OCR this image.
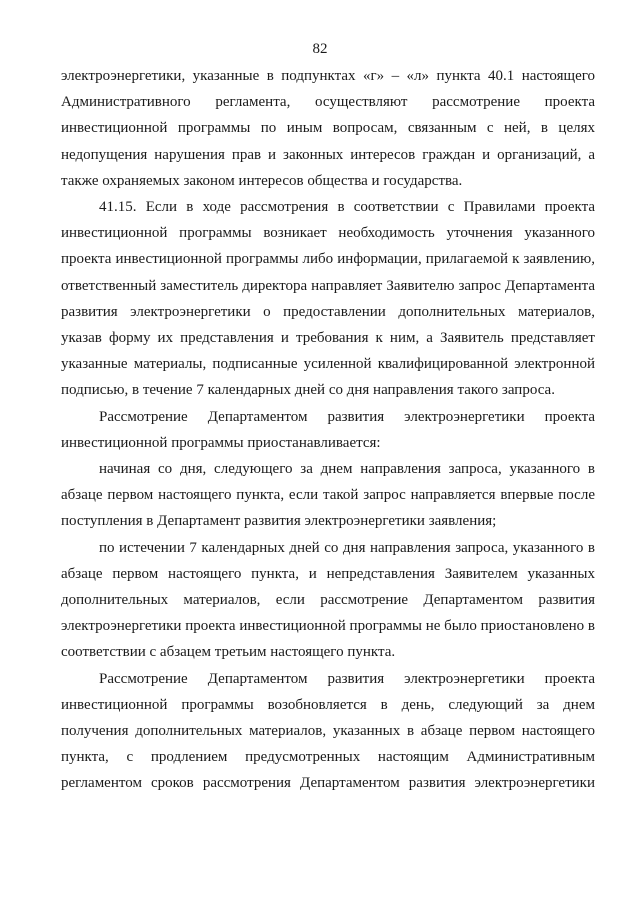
82

электроэнергетики, указанные в подпунктах «г» – «л» пункта 40.1 настоящего Административного регламента, осуществляют рассмотрение проекта инвестиционной программы по иным вопросам, связанным с ней, в целях недопущения нарушения прав и законных интересов граждан и организаций, а также охраняемых законом интересов общества и государства.

41.15. Если в ходе рассмотрения в соответствии с Правилами проекта инвестиционной программы возникает необходимость уточнения указанного проекта инвестиционной программы либо информации, прилагаемой к заявлению, ответственный заместитель директора направляет Заявителю запрос Департамента развития электроэнергетики о предоставлении дополнительных материалов, указав форму их представления и требования к ним, а Заявитель представляет указанные материалы, подписанные усиленной квалифицированной электронной подписью, в течение 7 календарных дней со дня направления такого запроса.

Рассмотрение Департаментом развития электроэнергетики проекта инвестиционной программы приостанавливается:

начиная со дня, следующего за днем направления запроса, указанного в абзаце первом настоящего пункта, если такой запрос направляется впервые после поступления в Департамент развития электроэнергетики заявления;

по истечении 7 календарных дней со дня направления запроса, указанного в абзаце первом настоящего пункта, и непредставления Заявителем указанных дополнительных материалов, если рассмотрение Департаментом развития электроэнергетики проекта инвестиционной программы не было приостановлено в соответствии с абзацем третьим настоящего пункта.

Рассмотрение Департаментом развития электроэнергетики проекта инвестиционной программы возобновляется в день, следующий за днем получения дополнительных материалов, указанных в абзаце первом настоящего пункта, с продлением предусмотренных настоящим Административным регламентом сроков рассмотрения Департаментом развития электроэнергетики
